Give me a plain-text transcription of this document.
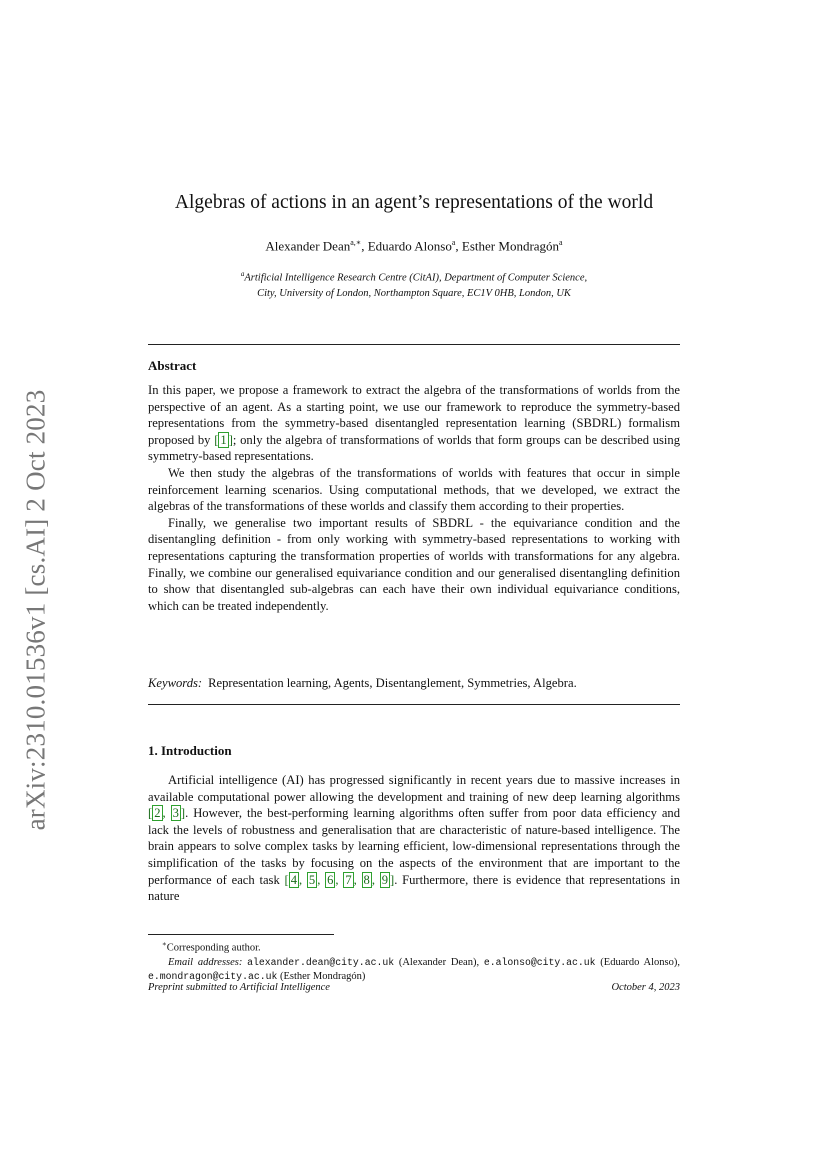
arXiv:2310.01536v1 [cs.AI] 2 Oct 2023
Algebras of actions in an agent’s representations of the world
Alexander Dean$^{a,∗}$, Eduardo Alonso$^a$, Esther Mondragón$^a$
$^a$Artificial Intelligence Research Centre (CitAI), Department of Computer Science,
City, University of London, Northampton Square, EC1V 0HB, London, UK
Abstract

In this paper, we propose a framework to extract the algebra of the transformations of worlds from the perspective of an agent. As a starting point, we use our framework to reproduce the symmetry-based representations from the symmetry-based disentangled representation learning (SBDRL) formalism proposed by [ 1 ]; only the algebra of transformations of worlds that form groups can be described using symmetry-based representations.

We then study the algebras of the transformations of worlds with features that occur in simple reinforcement learning scenarios. Using computational methods, that we developed, we extract the algebras of the transformations of these worlds and classify them according to their properties.

Finally, we generalise two important results of SBDRL - the equivariance condition and the disentangling definition - from only working with symmetry-based representations to working with representations capturing the transformation properties of worlds with transformations for any algebra. Finally, we combine our generalised equivariance condition and our generalised disentangling definition to show that disentangled sub-algebras can each have their own individual equivariance conditions, which can be treated independently.

Keywords: Representation learning, Agents, Disentanglement, Symmetries, Algebra.
1. Introduction

Artificial intelligence (AI) has progressed significantly in recent years due to massive increases in available computational power allowing the development and training of new deep learning algorithms [ 2 , 3 ]. However, the best-performing learning algorithms often suffer from poor data efficiency and lack the levels of robustness and generalisation that are characteristic of nature-based intelligence. The brain appears to solve complex tasks by learning efficient, low-dimensional representations through the simplification of the tasks by focusing on the aspects of the environment that are important to the performance of each task [ 4 , 5 , 6 , 7 , 8 , 9 ]. Furthermore, there is evidence that representations in nature

∗Corresponding author.

Email addresses: alexander.dean@city.ac.uk (Alexander Dean), e.alonso@city.ac.uk (Eduardo Alonso), e.mondragon@city.ac.uk (Esther Mondragón)

Preprint submitted to Artificial Intelligence	October 4, 2023
